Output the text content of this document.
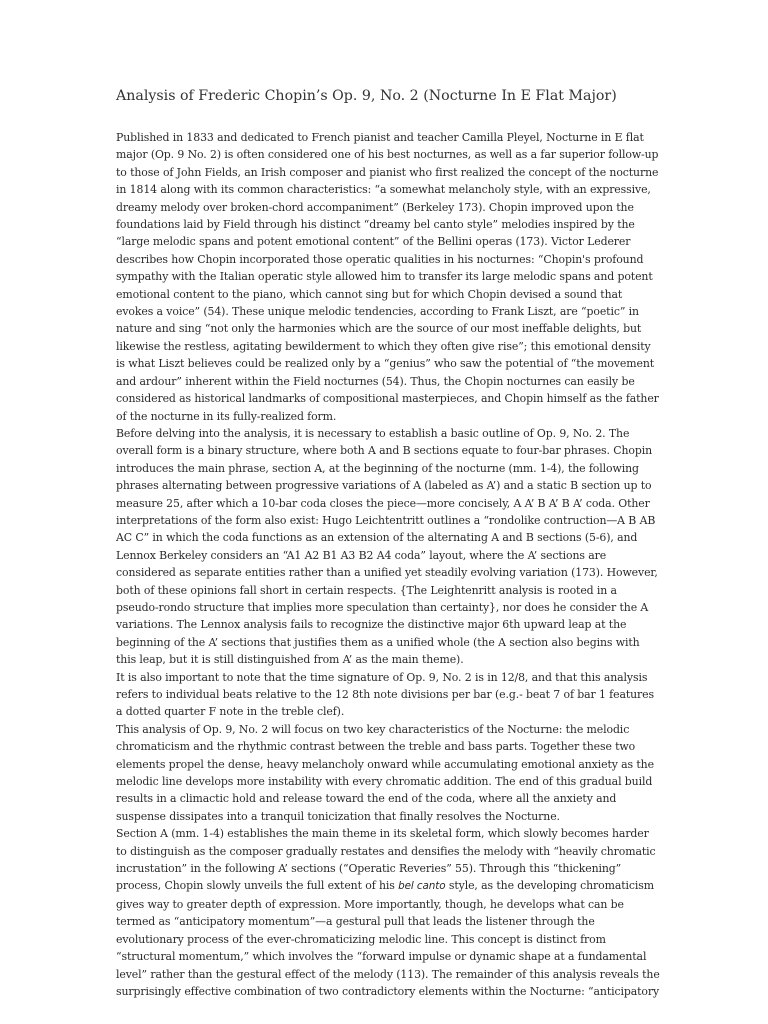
Analysis of Frederic Chopin’s Op. 9, No. 2 (Nocturne In E Flat Major)

Published in 1833 and dedicated to French pianist and teacher Camilla Pleyel, Nocturne in E flat major (Op. 9 No. 2) is often considered one of his best nocturnes, as well as a far superior follow-up to those of John Fields, an Irish composer and pianist who first realized the concept of the nocturne in 1814 along with its common characteristics: “a somewhat melancholy style, with an expressive, dreamy melody over broken-chord accompaniment” (Berkeley 173). Chopin improved upon the foundations laid by Field through his distinct “dreamy bel canto style” melodies inspired by the “large melodic spans and potent emotional content” of the Bellini operas (173). Victor Lederer describes how Chopin incorporated those operatic qualities in his nocturnes: “Chopin's profound sympathy with the Italian operatic style allowed him to transfer its large melodic spans and potent emotional content to the piano, which cannot sing but for which Chopin devised a sound that evokes a voice” (54). These unique melodic tendencies, according to Frank Liszt, are “poetic” in nature and sing “not only the harmonies which are the source of our most ineffable delights, but likewise the restless, agitating bewilderment to which they often give rise”; this emotional density is what Liszt believes could be realized only by a “genius” who saw the potential of “the movement and ardour” inherent within the Field nocturnes (54). Thus, the Chopin nocturnes can easily be considered as historical landmarks of compositional masterpieces, and Chopin himself as the father of the nocturne in its fully-realized form.

Before delving into the analysis, it is necessary to establish a basic outline of Op. 9, No. 2. The overall form is a binary structure, where both A and B sections equate to four-bar phrases. Chopin introduces the main phrase, section A, at the beginning of the nocturne (mm. 1-4), the following phrases alternating between progressive variations of A (labeled as A’) and a static B section up to measure 25, after which a 10-bar coda closes the piece—more concisely, A A’ B A’ B A’ coda. Other interpretations of the form also exist: Hugo Leichtentritt outlines a “rondolike contruction—A B AB AC C” in which the coda functions as an extension of the alternating A and B sections (5-6), and Lennox Berkeley considers an “A1 A2 B1 A3 B2 A4 coda” layout, where the A’ sections are considered as separate entities rather than a unified yet steadily evolving variation (173). However, both of these opinions fall short in certain respects. {The Leightenritt analysis is rooted in a pseudo-rondo structure that implies more speculation than certainty}, nor does he consider the A variations. The Lennox analysis fails to recognize the distinctive major 6th upward leap at the beginning of the A’ sections that justifies them as a unified whole (the A section also begins with this leap, but it is still distinguished from A’ as the main theme).

It is also important to note that the time signature of Op. 9, No. 2 is in 12/8, and that this analysis refers to individual beats relative to the 12 8th note divisions per bar (e.g.- beat 7 of bar 1 features a dotted quarter F note in the treble clef).

This analysis of Op. 9, No. 2 will focus on two key characteristics of the Nocturne: the melodic chromaticism and the rhythmic contrast between the treble and bass parts. Together these two elements propel the dense, heavy melancholy onward while accumulating emotional anxiety as the melodic line develops more instability with every chromatic addition. The end of this gradual build results in a climactic hold and release toward the end of the coda, where all the anxiety and suspense dissipates into a tranquil tonicization that finally resolves the Nocturne.

Section A (mm. 1-4) establishes the main theme in its skeletal form, which slowly becomes harder to distinguish as the composer gradually restates and densifies the melody with “heavily chromatic incrustation” in the following A’ sections (“Operatic Reveries” 55). Through this “thickening” process, Chopin slowly unveils the full extent of his bel canto style, as the developing chromaticism gives way to greater depth of expression. More importantly, though, he develops what can be termed as “anticipatory momentum”—a gestural pull that leads the listener through the evolutionary process of the ever-chromaticizing melodic line. This concept is distinct from “structural momentum,” which involves the “forward impulse or dynamic shape at a fundamental level” rather than the gestural effect of the melody (113). The remainder of this analysis reveals the surprisingly effective combination of two contradictory elements within the Nocturne: “anticipatory
